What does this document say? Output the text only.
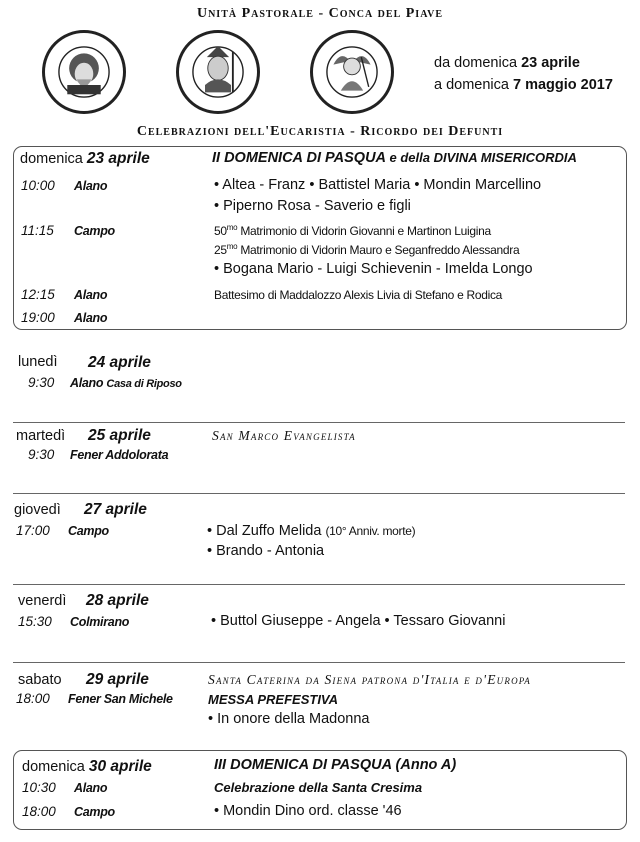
Unità Pastorale - Conca del Piave
da domenica 23 aprile
a domenica 7 maggio 2017
Celebrazioni dell'Eucaristia - Ricordo dei Defunti
domenica 23 aprile	II DOMENICA DI PASQUA e della DIVINA MISERICORDIA
10:00 Alano	• Altea - Franz • Battistel Maria • Mondin Marcellino
• Piperno Rosa - Saverio e figli
11:15 Campo	$50^{mo}$ Matrimonio di Vidorin Giovanni e Martinon Luigina
$25^{mo}$ Matrimonio di Vidorin Mauro e Seganfreddo Alessandra
• Bogana Mario - Luigi Schievenin - Imelda Longo
12:15 Alano	Battesimo di Maddalozzo Alexis Livia di Stefano e Rodica
19:00 Alano
lunedì 24 aprile
9:30 Alano Casa di Riposo
martedì 25 aprile	San Marco Evangelista
9:30 Fener Addolorata
giovedì 27 aprile
17:00 Campo	• Dal Zuffo Melida (10° Anniv. morte)
• Brando - Antonia
venerdì 28 aprile
15:30 Colmirano	• Buttol Giuseppe - Angela • Tessaro Giovanni
sabato 29 aprile	Santa Caterina da Siena patrona d'Italia e d'Europa
18:00 Fener San Michele	MESSA PREFESTIVA
• In onore della Madonna
domenica 30 aprile	III DOMENICA DI PASQUA (Anno A)
10:30 Alano	Celebrazione della Santa Cresima
18:00 Campo	• Mondin Dino ord. classe '46
